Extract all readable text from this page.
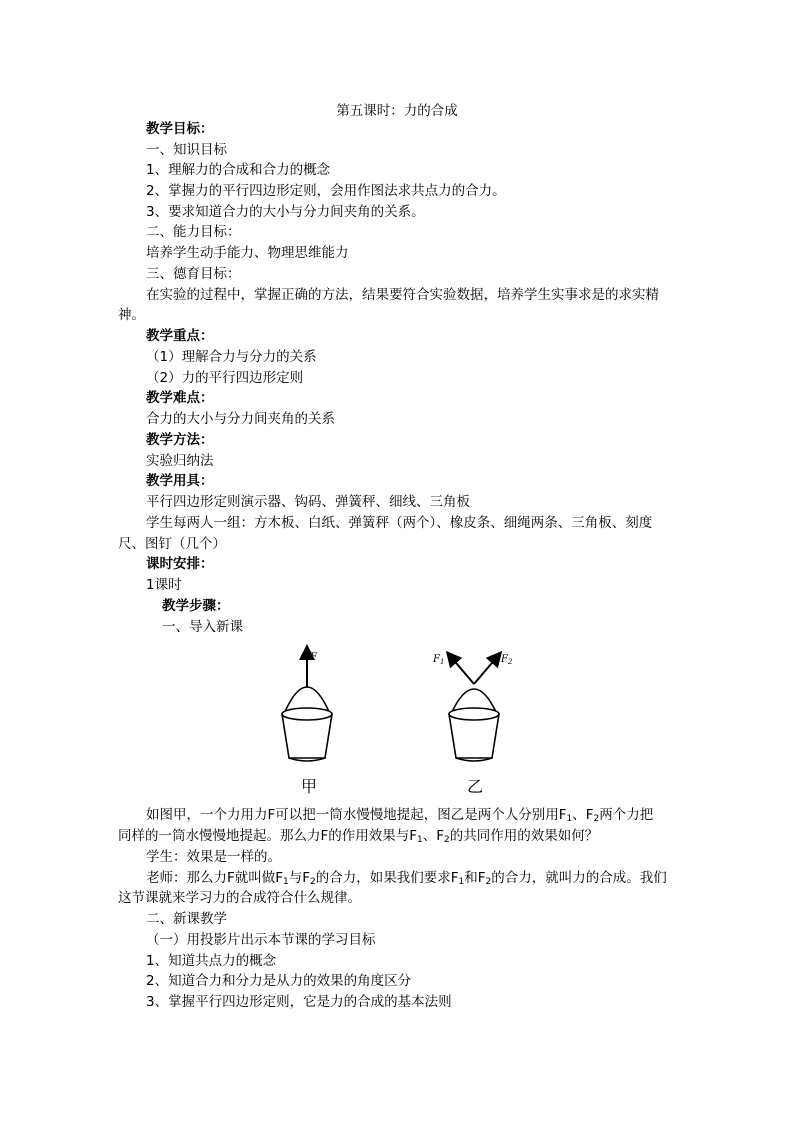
第五课时：力的合成
教学目标：
一、知识目标
1、理解力的合成和合力的概念
2、掌握力的平行四边形定则，会用作图法求共点力的合力。
3、要求知道合力的大小与分力间夹角的关系。
二、能力目标：
培养学生动手能力、物理思维能力
三、德育目标：
在实验的过程中，掌握正确的方法，结果要符合实验数据，培养学生实事求是的求实精
神。
教学重点：
（1）理解合力与分力的关系
（2）力的平行四边形定则
教学难点：
合力的大小与分力间夹角的关系
教学方法：
实验归纳法
教学用具：
平行四边形定则演示器、钩码、弹簧秤、细线、三角板
学生每两人一组：方木板、白纸、弹簧秤（两个）、橡皮条、细绳两条、三角板、刻度
尺、图钉（几个）
课时安排：
1课时
教学步骤：
一、导入新课
F	$F_1$	$F_2$
甲	乙
如图甲，一个力用力F可以把一筒水慢慢地提起，图乙是两个人分别用$F_1$、$F_2$两个力把
同样的一筒水慢慢地提起。那么力F的作用效果与$F_1$、$F_2$的共同作用的效果如何？
学生：效果是一样的。
老师：那么力F就叫做$F_1$与$F_2$的合力，如果我们要求$F_1$和$F_2$的合力，就叫力的合成。我们
这节课就来学习力的合成符合什么规律。
二、新课教学
（一）用投影片出示本节课的学习目标
1、知道共点力的概念
2、知道合力和分力是从力的效果的角度区分
3、掌握平行四边形定则，它是力的合成的基本法则
